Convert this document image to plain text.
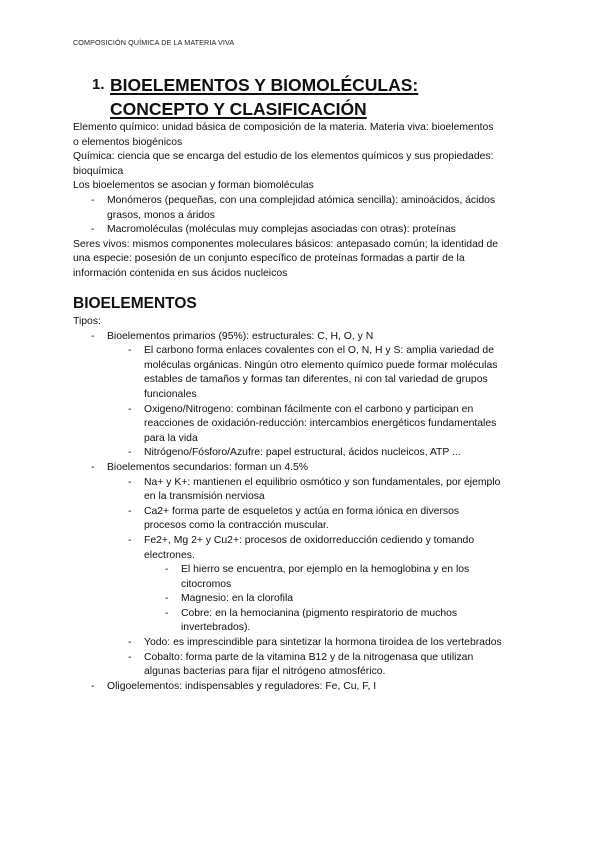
COMPOSICIÓN QUÍMICA DE LA MATERIA VIVA
1. BIOELEMENTOS Y BIOMOLÉCULAS:
CONCEPTO Y CLASIFICACIÓN
Elemento químico: unidad básica de composición de la materia. Materia viva: bioelementos
o elementos biogénicos
Química: ciencia que se encarga del estudio de los elementos químicos y sus propiedades:
bioquímica
Los bioelementos se asocian y forman biomoléculas
-	Monómeros (pequeñas, con una complejidad atómica sencilla): aminoácidos, ácidos
grasos, monos a áridos
-	Macromoléculas (moléculas muy complejas asociadas con otras): proteínas
Seres vivos: mismos componentes moleculares básicos: antepasado común; la identidad de
una especie: posesión de un conjunto específico de proteínas formadas a partir de la
información contenida en sus ácidos nucleicos
BIOELEMENTOS
Tipos:
-	Bioelementos primarios (95%): estructurales: C, H, O, y N
-	El carbono forma enlaces covalentes con el O, N, H y S: amplia variedad de
moléculas orgánicas. Ningún otro elemento químico puede formar moléculas
estables de tamaños y formas tan diferentes, ni con tal variedad de grupos
funcionales
-	Oxigeno/Nitrogeno: combinan fácilmente con el carbono y participan en
reacciones de oxidación-reducción: intercambios energéticos fundamentales
para la vida
-	Nitrógeno/Fósforo/Azufre: papel estructural, ácidos nucleicos, ATP ...
-	Bioelementos secundarios: forman un 4.5%
-	Na+ y K+: mantienen el equilibrio osmótico y son fundamentales, por ejemplo
en la transmisión nerviosa
-	Ca2+ forma parte de esqueletos y actúa en forma iónica en diversos
procesos como la contracción muscular.
-	Fe2+, Mg 2+ y Cu2+: procesos de oxidorreducción cediendo y tomando
electrones.
-	El hierro se encuentra, por ejemplo en la hemoglobina y en los
citocromos
-	Magnesio: en la clorofila
-	Cobre: en la hemocianina (pigmento respiratorio de muchos
invertebrados).
-	Yodo: es imprescindible para sintetizar la hormona tiroidea de los vertebrados
-	Cobalto: forma parte de la vitamina B12 y de la nitrogenasa que utilizan
algunas bacterias para fijar el nitrógeno atmosférico.
-	Oligoelementos: indispensables y reguladores: Fe, Cu, F, I
